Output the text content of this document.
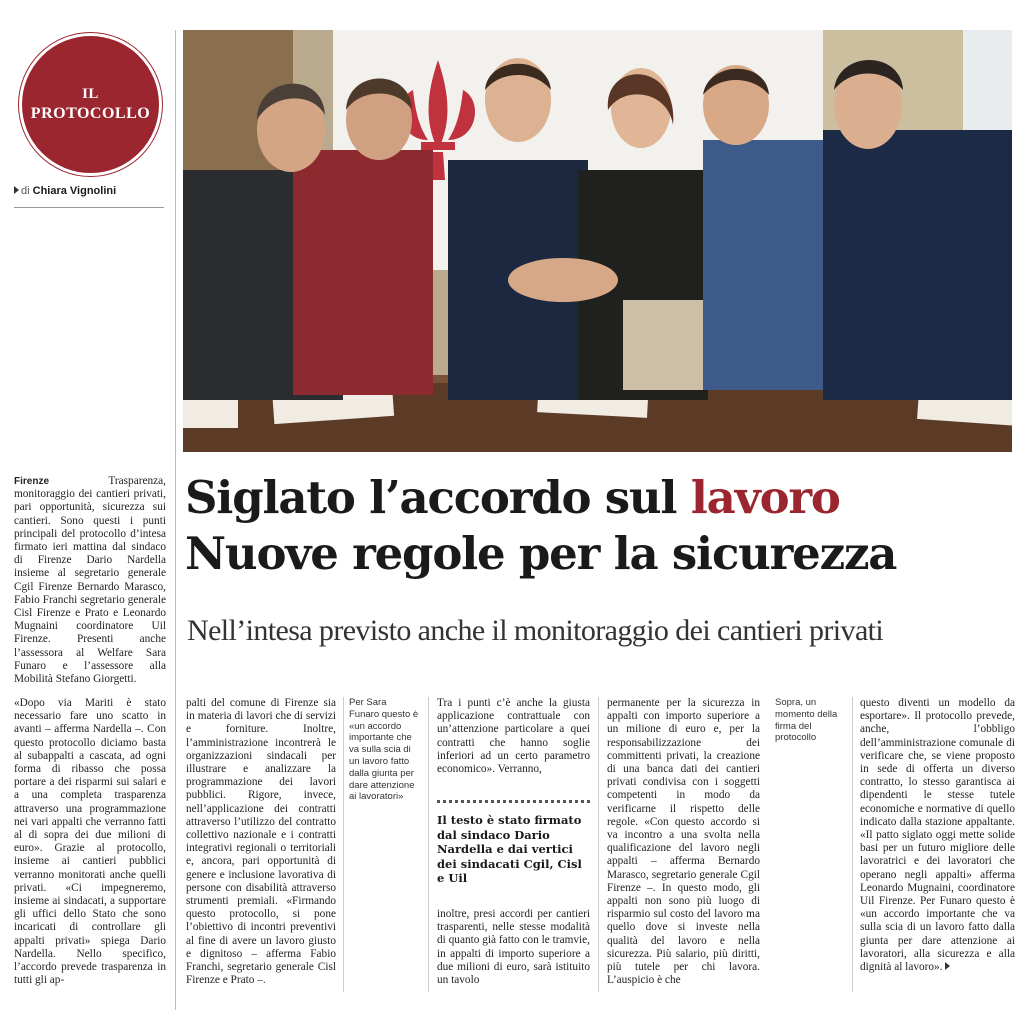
IL
PROTOCOLLO
di Chiara Vignolini
Siglato l’accordo sul lavoro
Nuove regole per la sicurezza
Nell’intesa previsto anche il monitoraggio dei cantieri privati
Firenze Trasparenza, monitoraggio dei cantieri privati, pari opportunità, sicurezza sui cantieri. Sono questi i punti principali del protocollo d’intesa firmato ieri mattina dal sindaco di Firenze Dario Nardella insieme al segretario generale Cgil Firenze Bernardo Marasco, Fabio Franchi segretario generale Cisl Firenze e Prato e Leonardo Mugnaini coordinatore Uil Firenze. Presenti anche l’assessora al Welfare Sara Funaro e l’assessore alla Mobilità Stefano Giorgetti.
«Dopo via Mariti è stato necessario fare uno scatto in avanti – afferma Nardella –. Con questo protocollo diciamo basta al subappalti a cascata, ad ogni forma di ribasso che possa portare a dei risparmi sui salari e a una completa trasparenza attraverso una programmazione nei vari appalti che verranno fatti al di sopra dei due milioni di euro». Grazie al protocollo, insieme ai cantieri pubblici verranno monitorati anche quelli privati. «Ci impegneremo, insieme ai sindacati, a supportare gli uffici dello Stato che sono incaricati di controllare gli appalti privati» spiega Dario Nardella. Nello specifico, l’accordo prevede trasparenza in tutti gli ap-
palti del comune di Firenze sia in materia di lavori che di servizi e forniture. Inoltre, l’amministrazione incontrerà le organizzazioni sindacali per illustrare e analizzare la programmazione dei lavori pubblici. Rigore, invece, nell’applicazione dei contratti attraverso l’utilizzo del contratto collettivo nazionale e i contratti integrativi regionali o territoriali e, ancora, pari opportunità di genere e inclusione lavorativa di persone con disabilità attraverso strumenti premiali. «Firmando questo protocollo, si pone l’obiettivo di incontri preventivi al fine di avere un lavoro giusto e dignitoso – afferma Fabio Franchi, segretario generale Cisl Firenze e Prato –.
Per Sara Funaro questo è «un accordo importante che va sulla scia di un lavoro fatto dalla giunta per dare attenzione ai lavoratori»
Tra i punti c’è anche la giusta applicazione contrattuale con un’attenzione particolare a quei contratti che hanno soglie inferiori ad un certo parametro economico». Verranno,
Il testo è stato firmato dal sindaco Dario Nardella e dai vertici dei sindacati Cgil, Cisl e Uil
inoltre, presi accordi per cantieri trasparenti, nelle stesse modalità di quanto già fatto con le tramvie, in appalti di importo superiore a due milioni di euro, sarà istituito un tavolo
permanente per la sicurezza in appalti con importo superiore a un milione di euro e, per la responsabilizzazione dei committenti privati, la creazione di una banca dati dei cantieri privati condivisa con i soggetti competenti in modo da verificarne il rispetto delle regole. «Con questo accordo si va incontro a una svolta nella qualificazione del lavoro negli appalti – afferma Bernardo Marasco, segretario generale Cgil Firenze –. In questo modo, gli appalti non sono più luogo di risparmio sul costo del lavoro ma quello dove si investe nella qualità del lavoro e nella sicurezza. Più salario, più diritti, più tutele per chi lavora. L’auspicio è che
Sopra, un momento della firma del protocollo
questo diventi un modello da esportare». Il protocollo prevede, anche, l’obbligo dell’amministrazione comunale di verificare che, se viene proposto in sede di offerta un diverso contratto, lo stesso garantisca ai dipendenti le stesse tutele economiche e normative di quello indicato dalla stazione appaltante. «Il patto siglato oggi mette solide basi per un futuro migliore delle lavoratrici e dei lavoratori che operano negli appalti» afferma Leonardo Mugnaini, coordinatore Uil Firenze. Per Funaro questo è «un accordo importante che va sulla scia di un lavoro fatto dalla giunta per dare attenzione ai lavoratori, alla sicurezza e alla dignità al lavoro».
